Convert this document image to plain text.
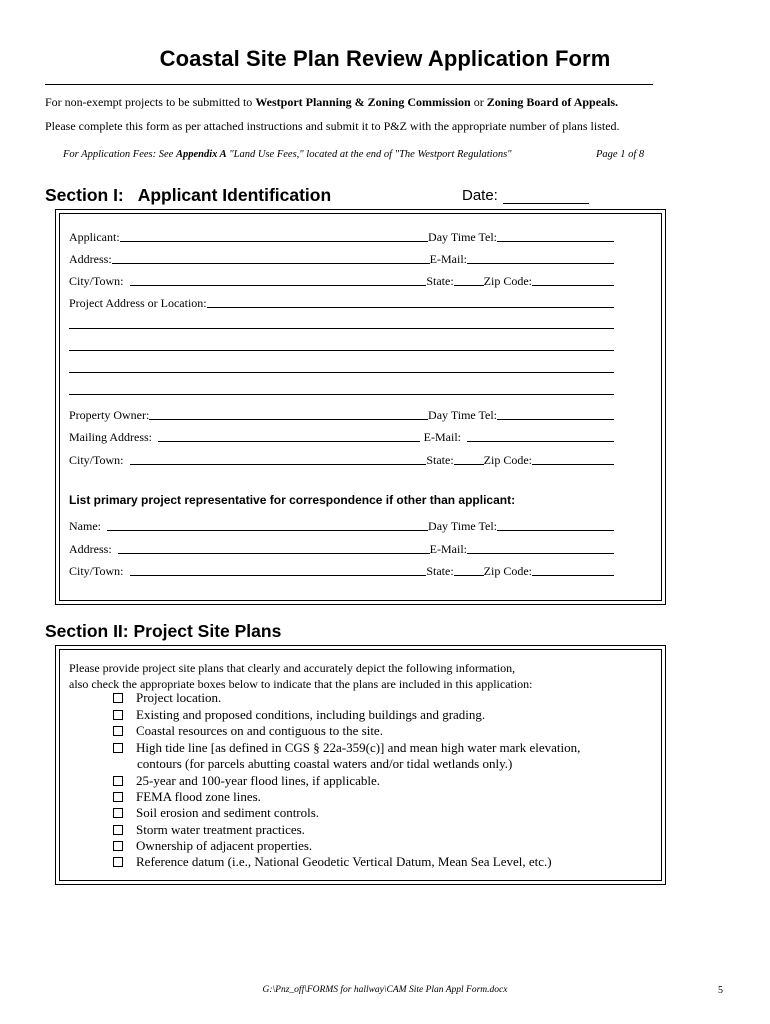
Coastal Site Plan Review Application Form
For non-exempt projects to be submitted to Westport Planning & Zoning Commission or Zoning Board of Appeals.
Please complete this form as per attached instructions and submit it to P&Z with the appropriate number of plans listed.
For Application Fees: See Appendix A "Land Use Fees," located at the end of "The Westport Regulations"	Page 1 of 8
Section I:   Applicant Identification	Date:
Applicant:	Day Time Tel:
Address:	E-Mail:
City/Town:	State:	Zip Code:
Project Address or Location:
Property Owner:	Day Time Tel:
Mailing Address:	E-Mail:
City/Town:	State:	Zip Code:
List primary project representative for correspondence if other than applicant:
Name:	Day Time Tel:
Address:	E-Mail:
City/Town:	State:	Zip Code:
Section II: Project Site Plans
Please provide project site plans that clearly and accurately depict the following information,
also check the appropriate boxes below to indicate that the plans are included in this application:
Project location.
Existing and proposed conditions, including buildings and grading.
Coastal resources on and contiguous to the site.
High tide line [as defined in CGS § 22a-359(c)] and mean high water mark elevation,
contours (for parcels abutting coastal waters and/or tidal wetlands only.)
25-year and 100-year flood lines, if applicable.
FEMA flood zone lines.
Soil erosion and sediment controls.
Storm water treatment practices.
Ownership of adjacent properties.
Reference datum (i.e., National Geodetic Vertical Datum, Mean Sea Level, etc.)
G:\Pnz_off\FORMS for hallway\CAM Site Plan Appl Form.docx	5
